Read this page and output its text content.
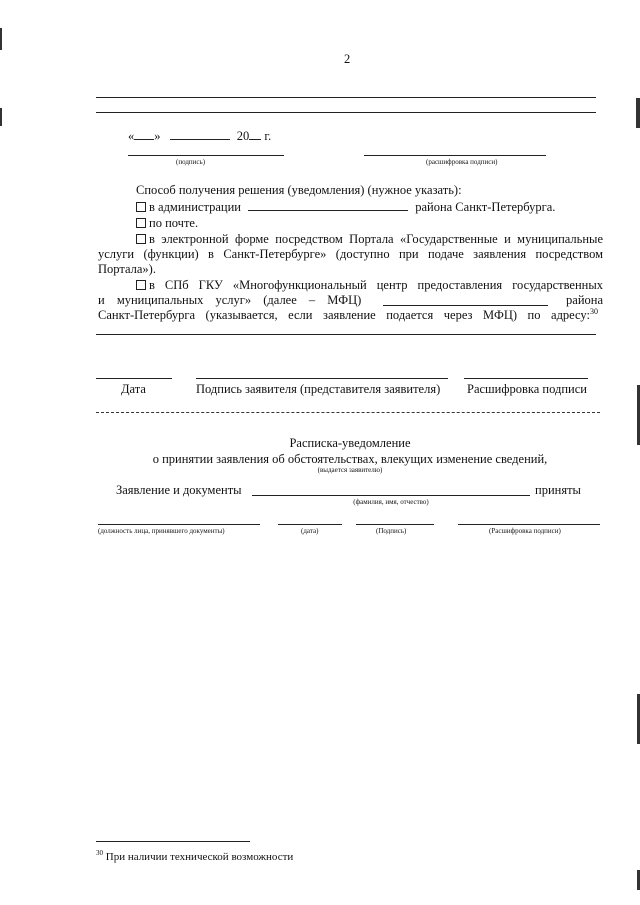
2
« »	20 г.
(подпись)	(расшифровка подписи)
Способ получения решения (уведомления) (нужное указать):
в администрации	района Санкт-Петербурга.
по почте.
в электронной форме посредством Портала «Государственные и муниципальные
услуги (функции) в Санкт-Петербурге» (доступно при подаче заявления посредством
Портала»).
в СПб ГКУ «Многофункциональный центр предоставления государственных
и муниципальных услуг» (далее – МФЦ)	района
Санкт-Петербурга (указывается, если заявление подается через МФЦ) по адресу:$^{30}$
Дата	Подпись заявителя (представителя заявителя) Расшифровка подписи
Расписка-уведомление
о принятии заявления об обстоятельствах, влекущих изменение сведений,
(выдается заявителю)
Заявление и документы	приняты
(фамилия, имя, отчество)
(должность лица, принявшего документы)	(дата)	(Подпись)	(Расшифровка подписи)
$^{30}$ При наличии технической возможности
